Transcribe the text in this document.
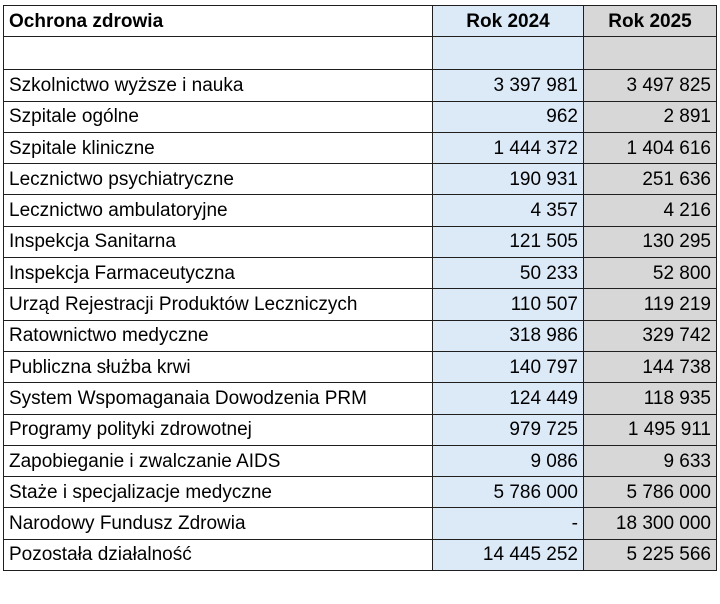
Ochrona zdrowia	Rok 2024	Rok 2025

Szkolnictwo wyższe i nauka	3 397 981	3 497 825
Szpitale ogólne	962	2 891
Szpitale kliniczne	1 444 372	1 404 616
Lecznictwo psychiatryczne	190 931	251 636
Lecznictwo ambulatoryjne	4 357	4 216
Inspekcja Sanitarna	121 505	130 295
Inspekcja Farmaceutyczna	50 233	52 800
Urząd Rejestracji Produktów Leczniczych	110 507	119 219
Ratownictwo medyczne	318 986	329 742
Publiczna służba krwi	140 797	144 738
System Wspomaganaia Dowodzenia PRM	124 449	118 935
Programy polityki zdrowotnej	979 725	1 495 911
Zapobieganie i zwalczanie AIDS	9 086	9 633
Staże i specjalizacje medyczne	5 786 000	5 786 000
Narodowy Fundusz Zdrowia	-	18 300 000
Pozostała działalność	14 445 252	5 225 566
